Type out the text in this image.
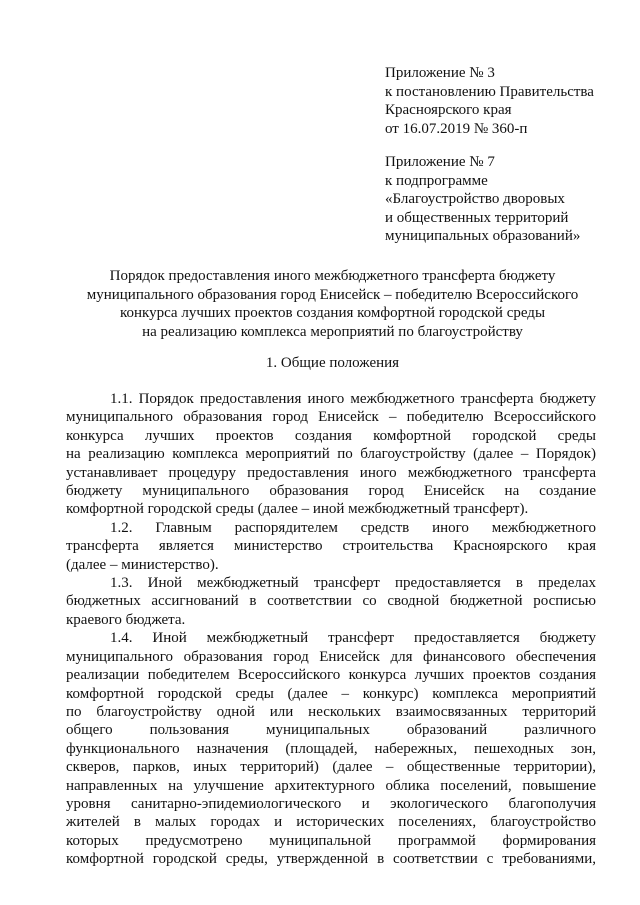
Приложение № 3
к постановлению Правительства
Красноярского края
от 16.07.2019 № 360-п
Приложение № 7
к подпрограмме
«Благоустройство дворовых
и общественных территорий
муниципальных образований»
Порядок предоставления иного межбюджетного трансферта бюджету
муниципального образования город Енисейск – победителю Всероссийского
конкурса лучших проектов создания комфортной городской среды
на реализацию комплекса мероприятий по благоустройству
1. Общие положения
1.1. Порядок предоставления иного межбюджетного трансферта бюджету
муниципального образования город Енисейск – победителю Всероссийского
конкурса лучших проектов создания комфортной городской среды
на реализацию комплекса мероприятий по благоустройству (далее – Порядок)
устанавливает процедуру предоставления иного межбюджетного трансферта
бюджету муниципального образования город Енисейск на создание
комфортной городской среды (далее – иной межбюджетный трансферт).
1.2. Главным распорядителем средств иного межбюджетного
трансферта является министерство строительства Красноярского края
(далее – министерство).
1.3. Иной межбюджетный трансферт предоставляется в пределах
бюджетных ассигнований в соответствии со сводной бюджетной росписью
краевого бюджета.
1.4. Иной межбюджетный трансферт предоставляется бюджету
муниципального образования город Енисейск для финансового обеспечения
реализации победителем Всероссийского конкурса лучших проектов создания
комфортной городской среды (далее – конкурс) комплекса мероприятий
по благоустройству одной или нескольких взаимосвязанных территорий
общего пользования муниципальных образований различного
функционального назначения (площадей, набережных, пешеходных зон,
скверов, парков, иных территорий) (далее – общественные территории),
направленных на улучшение архитектурного облика поселений, повышение
уровня санитарно-эпидемиологического и экологического благополучия
жителей в малых городах и исторических поселениях, благоустройство
которых предусмотрено муниципальной программой формирования
комфортной городской среды, утвержденной в соответствии с требованиями,
